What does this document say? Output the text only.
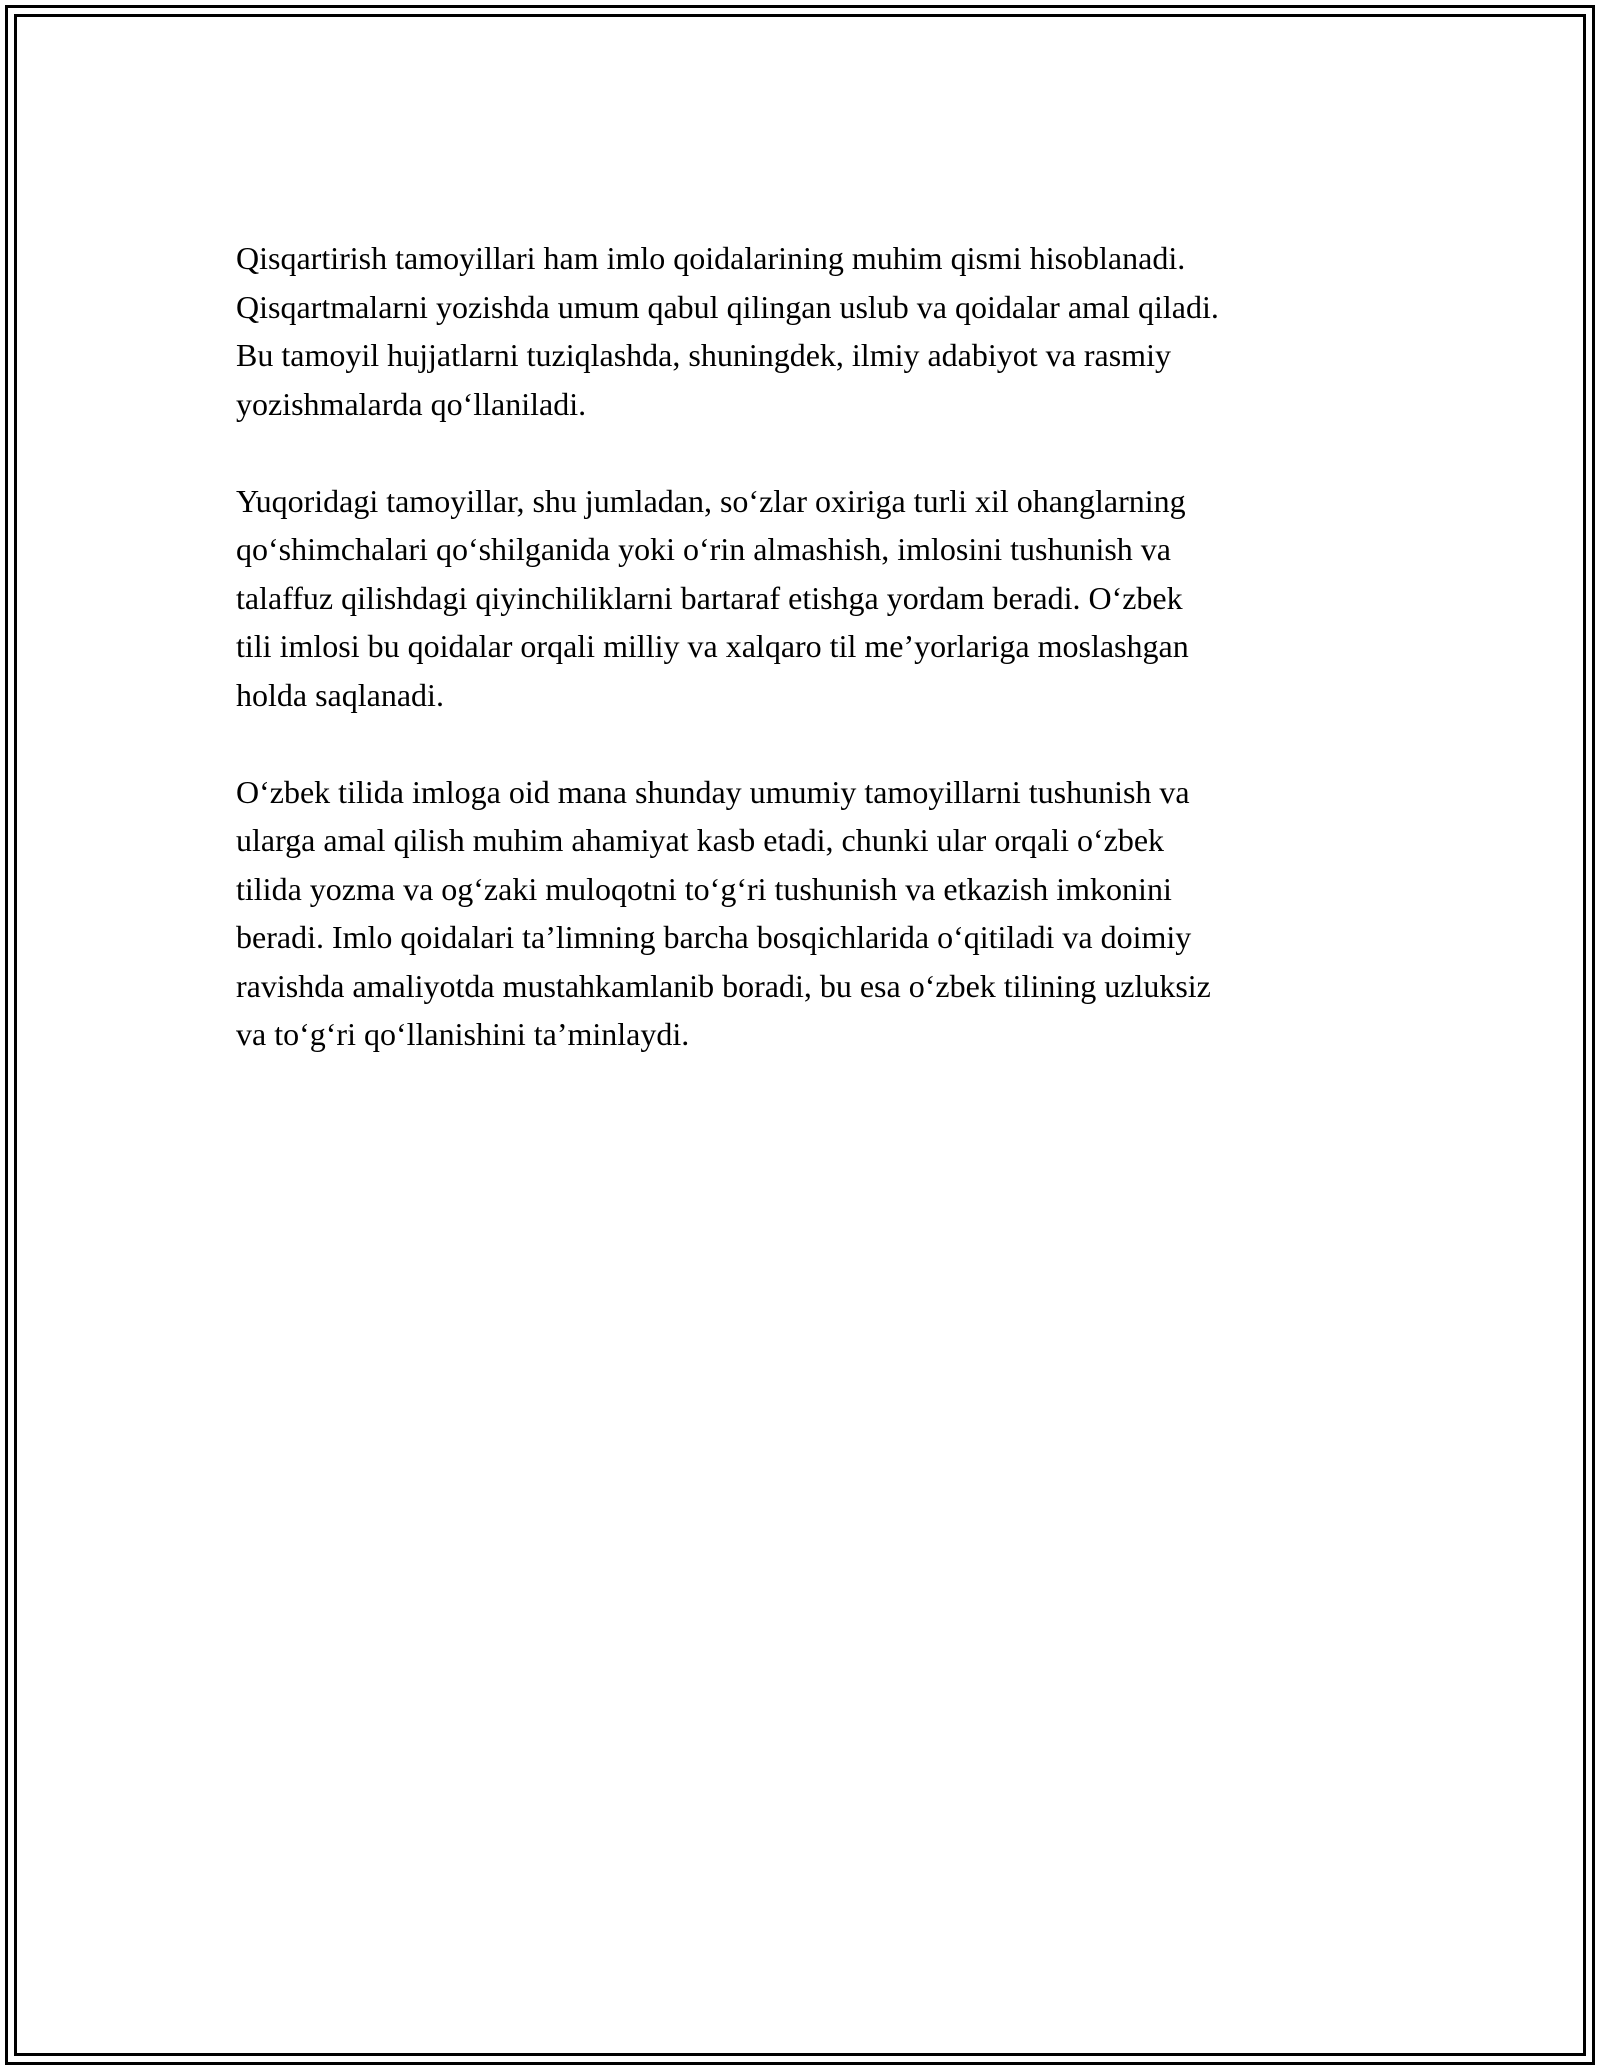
Qisqartirish tamoyillari ham imlo qoidalarining muhim qismi hisoblanadi.
Qisqartmalarni yozishda umum qabul qilingan uslub va qoidalar amal qiladi.
Bu tamoyil hujjatlarni tuziqlashda, shuningdek, ilmiy adabiyot va rasmiy
yozishmalarda qo‘llaniladi.

Yuqoridagi tamoyillar, shu jumladan, so‘zlar oxiriga turli xil ohanglarning
qo‘shimchalari qo‘shilganida yoki o‘rin almashish, imlosini tushunish va
talaffuz qilishdagi qiyinchiliklarni bartaraf etishga yordam beradi. O‘zbek
tili imlosi bu qoidalar orqali milliy va xalqaro til me’yorlariga moslashgan
holda saqlanadi.

O‘zbek tilida imloga oid mana shunday umumiy tamoyillarni tushunish va
ularga amal qilish muhim ahamiyat kasb etadi, chunki ular orqali o‘zbek
tilida yozma va og‘zaki muloqotni to‘g‘ri tushunish va etkazish imkonini
beradi. Imlo qoidalari ta’limning barcha bosqichlarida o‘qitiladi va doimiy
ravishda amaliyotda mustahkamlanib boradi, bu esa o‘zbek tilining uzluksiz
va to‘g‘ri qo‘llanishini ta’minlaydi.
